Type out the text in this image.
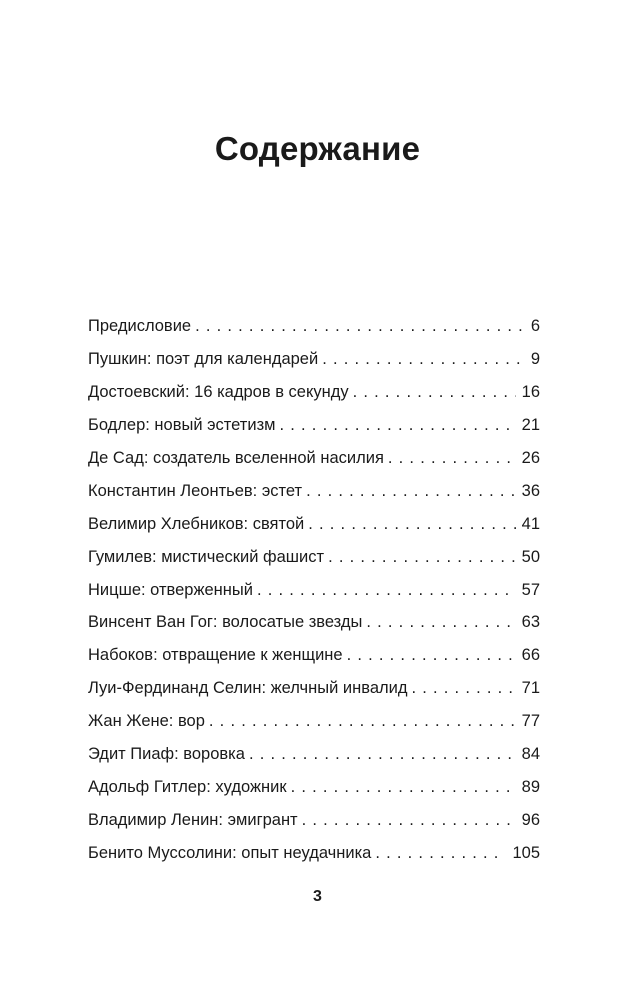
Содержание
Предисловие . . .	6
Пушкин: поэт для календарей . . .	9
Достоевский: 16 кадров в секунду . . .	16
Бодлер: новый эстетизм . . .	21
Де Сад: создатель вселенной насилия . . .	26
Константин Леонтьев: эстет . . .	36
Велимир Хлебников: святой . . .	41
Гумилев: мистический фашист . . .	50
Ницше: отверженный . . .	57
Винсент Ван Гог: волосатые звезды . . .	63
Набоков: отвращение к женщине . . .	66
Луи-Фердинанд Селин: желчный инвалид . . .	71
Жан Жене: вор . . .	77
Эдит Пиаф: воровка . . .	84
Адольф Гитлер: художник . . .	89
Владимир Ленин: эмигрант . . .	96
Бенито Муссолини: опыт неудачника . . .	105
3
